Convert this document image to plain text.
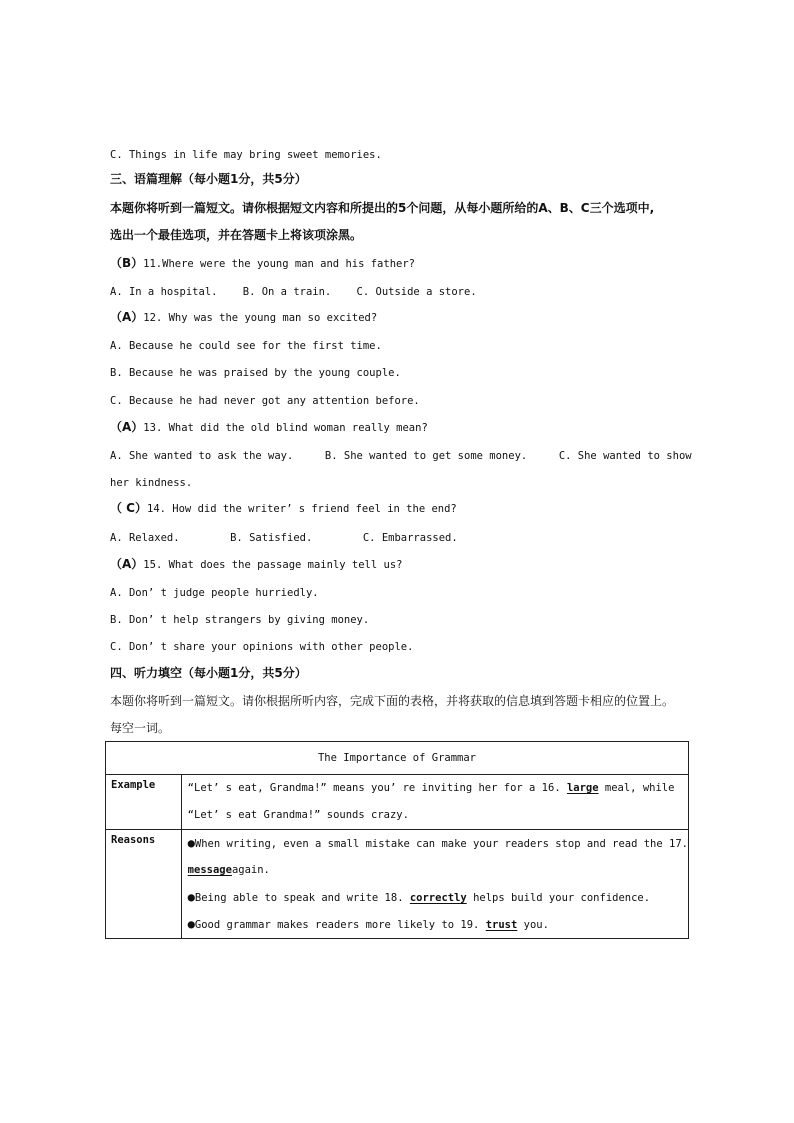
C. Things in life may bring sweet memories.
三、语篇理解（每小题1分，共5分）
本题你将听到一篇短文。请你根据短文内容和所提出的5个问题，从每小题所给的A、B、C三个选项中,
选出一个最佳选项，并在答题卡上将该项涂黑。
（B）11.Where were the young man and his father?
A. In a hospital.    B. On a train.    C. Outside a store.
（A）12. Why was the young man so excited?
A. Because he could see for the first time.
B. Because he was praised by the young couple.
C. Because he had never got any attention before.
（A）13. What did the old blind woman really mean?
A. She wanted to ask the way.     B. She wanted to get some money.     C. She wanted to show
her kindness.
（ C）14. How did the writer’ s friend feel in the end?
A. Relaxed.        B. Satisfied.        C. Embarrassed.
（A）15. What does the passage mainly tell us?
A. Don’ t judge people hurriedly.
B. Don’ t help strangers by giving money.
C. Don’ t share your opinions with other people.
四、听力填空（每小题1分，共5分）
本题你将听到一篇短文。请你根据所听内容，完成下面的表格，并将获取的信息填到答题卡相应的位置上。
每空一词。
The Importance of Grammar	
Example	“Let’ s eat, Grandma!” means you’ re inviting her for a 16. large meal, while
“Let’ s eat Grandma!” sounds crazy.

Reasons	●When writing, even a small mistake can make your readers stop and read the 17.
messageagain.
●Being able to speak and write 18. correctly helps build your confidence.
●Good grammar makes readers more likely to 19. trust you.
